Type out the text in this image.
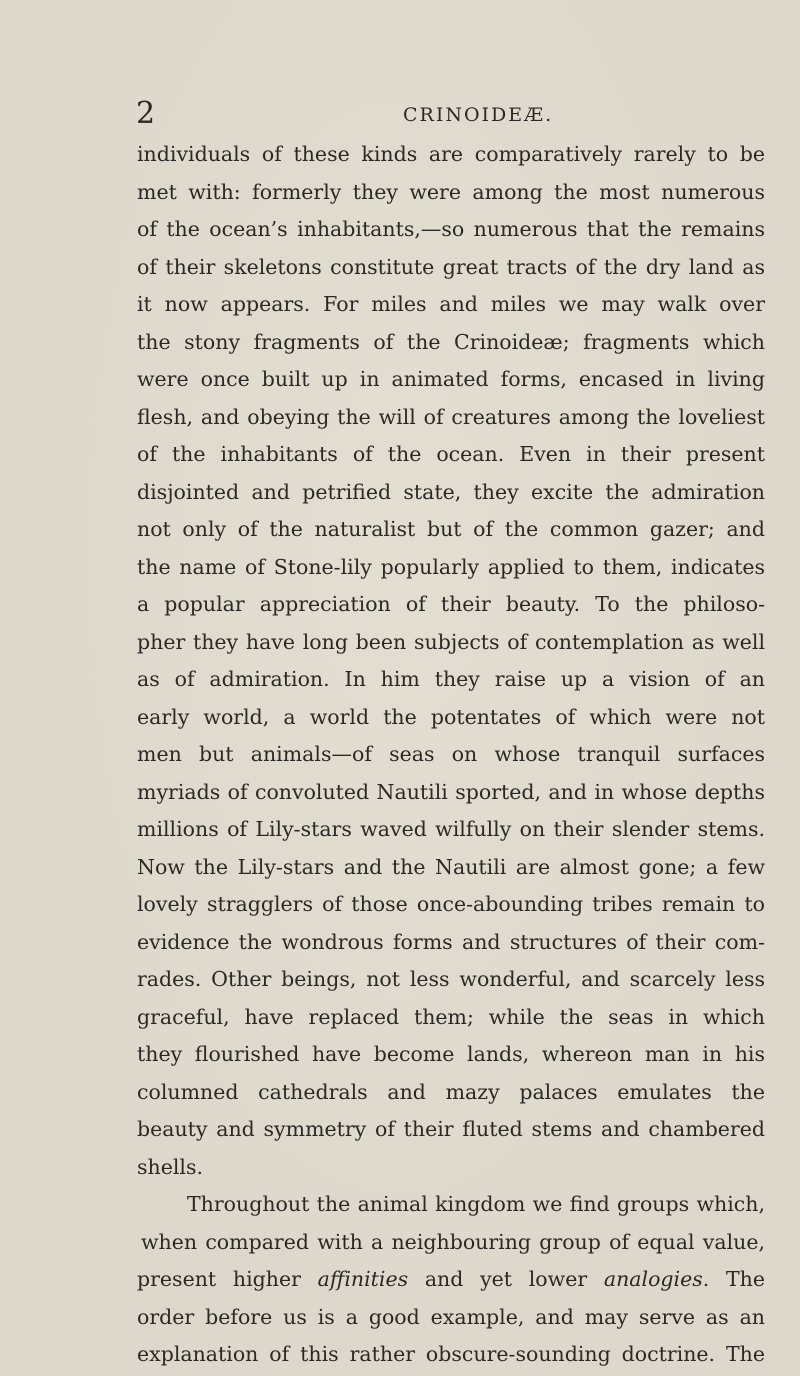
2	CRINOIDEÆ.
individuals of these kinds are comparatively rarely to be
met with: formerly they were among the most numerous
of the ocean’s inhabitants,—so numerous that the remains
of their skeletons constitute great tracts of the dry land as
it now appears. For miles and miles we may walk over
the stony fragments of the Crinoideæ; fragments which
were once built up in animated forms, encased in living
flesh, and obeying the will of creatures among the loveliest
of the inhabitants of the ocean. Even in their present
disjointed and petrified state, they excite the admiration
not only of the naturalist but of the common gazer; and
the name of Stone-lily popularly applied to them, indicates
a popular appreciation of their beauty. To the philoso-
pher they have long been subjects of contemplation as well
as of admiration. In him they raise up a vision of an
early world, a world the potentates of which were not
men but animals—of seas on whose tranquil surfaces
myriads of convoluted Nautili sported, and in whose depths
millions of Lily-stars waved wilfully on their slender stems.
Now the Lily-stars and the Nautili are almost gone; a few
lovely stragglers of those once-abounding tribes remain to
evidence the wondrous forms and structures of their com-
rades. Other beings, not less wonderful, and scarcely less
graceful, have replaced them; while the seas in which
they flourished have become lands, whereon man in his
columned cathedrals and mazy palaces emulates the
beauty and symmetry of their fluted stems and chambered
shells.
Throughout the animal kingdom we find groups which,
when compared with a neighbouring group of equal value,
present higher affinities and yet lower analogies. The
order before us is a good example, and may serve as an
explanation of this rather obscure-sounding doctrine. The
